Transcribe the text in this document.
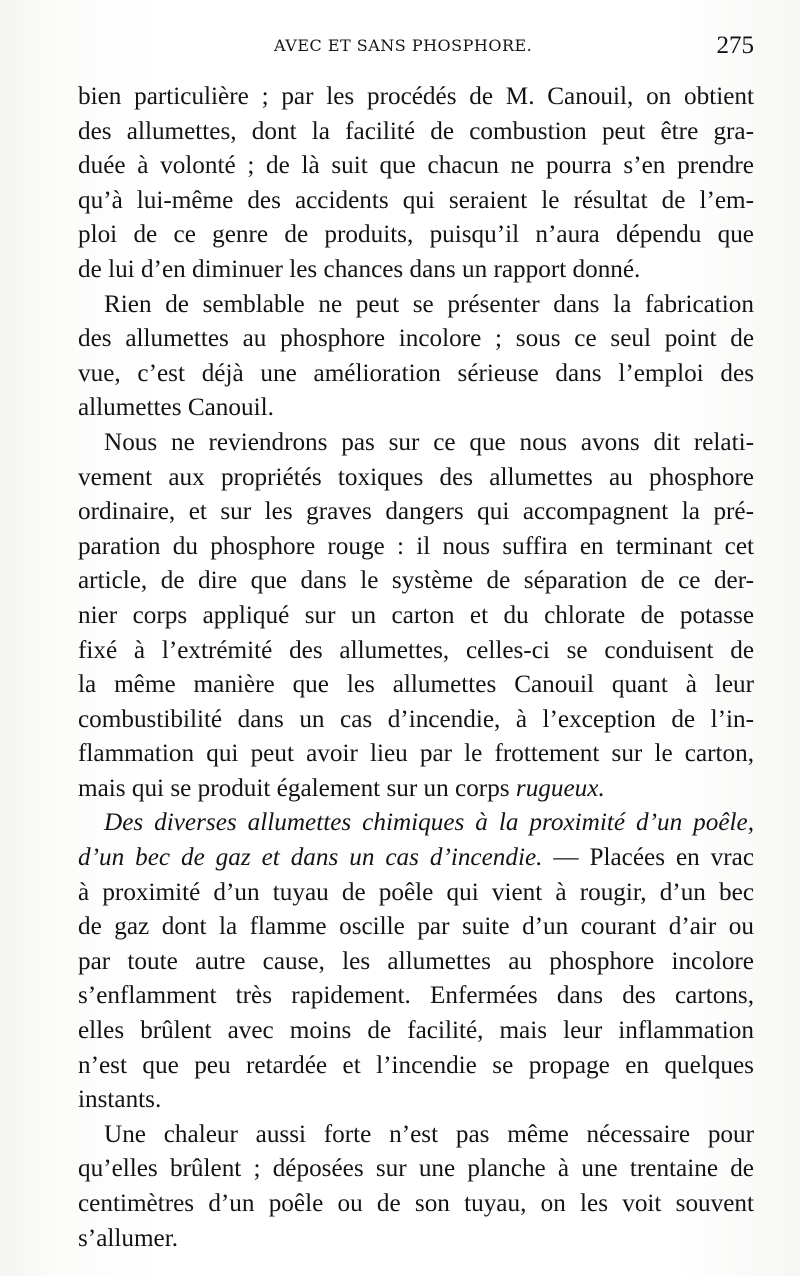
AVEC ET SANS PHOSPHORE.	275
bien particulière ; par les procédés de M. Canouil, on obtient
des allumettes, dont la facilité de combustion peut être gra-
duée à volonté ; de là suit que chacun ne pourra s’en prendre
qu’à lui-même des accidents qui seraient le résultat de l’em-
ploi de ce genre de produits, puisqu’il n’aura dépendu que
de lui d’en diminuer les chances dans un rapport donné.
Rien de semblable ne peut se présenter dans la fabrication
des allumettes au phosphore incolore ; sous ce seul point de
vue, c’est déjà une amélioration sérieuse dans l’emploi des
allumettes Canouil.
Nous ne reviendrons pas sur ce que nous avons dit relati-
vement aux propriétés toxiques des allumettes au phosphore
ordinaire, et sur les graves dangers qui accompagnent la pré-
paration du phosphore rouge : il nous suffira en terminant cet
article, de dire que dans le système de séparation de ce der-
nier corps appliqué sur un carton et du chlorate de potasse
fixé à l’extrémité des allumettes, celles-ci se conduisent de
la même manière que les allumettes Canouil quant à leur
combustibilité dans un cas d’incendie, à l’exception de l’in-
flammation qui peut avoir lieu par le frottement sur le carton,
mais qui se produit également sur un corps rugueux.
Des diverses allumettes chimiques à la proximité d’un poêle,
d’un bec de gaz et dans un cas d’incendie. — Placées en vrac
à proximité d’un tuyau de poêle qui vient à rougir, d’un bec
de gaz dont la flamme oscille par suite d’un courant d’air ou
par toute autre cause, les allumettes au phosphore incolore
s’enflamment très rapidement. Enfermées dans des cartons,
elles brûlent avec moins de facilité, mais leur inflammation
n’est que peu retardée et l’incendie se propage en quelques
instants.
Une chaleur aussi forte n’est pas même nécessaire pour
qu’elles brûlent ; déposées sur une planche à une trentaine de
centimètres d’un poêle ou de son tuyau, on les voit souvent
s’allumer.
